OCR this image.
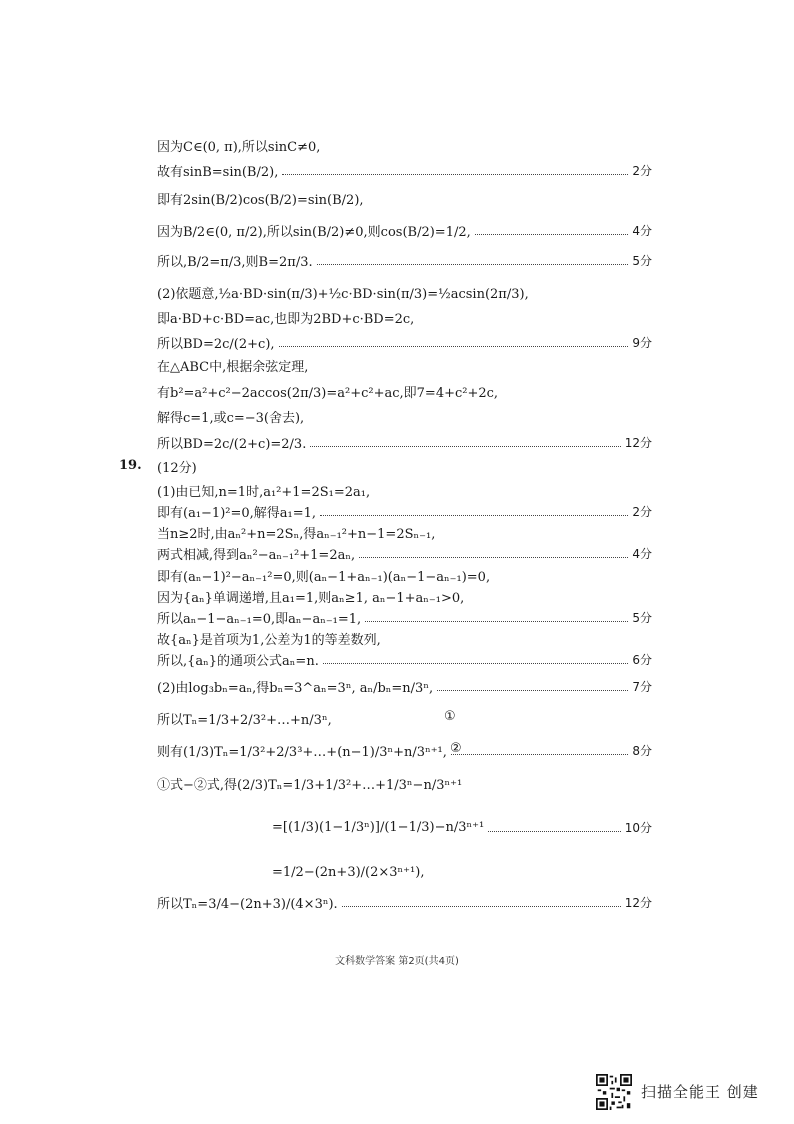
因为C∈(0, π),所以sinC≠0,
故有sinB=sin(B/2),	2分
即有2sin(B/2)cos(B/2)=sin(B/2),
因为B/2∈(0, π/2),所以sin(B/2)≠0,则cos(B/2)=1/2,	4分
所以,B/2=π/3,则B=2π/3.	5分
(2)依题意,½a·BD·sin(π/3)+½c·BD·sin(π/3)=½acsin(2π/3),
即a·BD+c·BD=ac,也即为2BD+c·BD=2c,
所以BD=2c/(2+c),	9分
在△ABC中,根据余弦定理,
有b²=a²+c²−2accos(2π/3)=a²+c²+ac,即7=4+c²+2c,
解得c=1,或c=−3(舍去),
所以BD=2c/(2+c)=2/3.	12分
19. (12分)
(1)由已知,n=1时,a₁²+1=2S₁=2a₁,
即有(a₁−1)²=0,解得a₁=1,	2分
当n≥2时,由aₙ²+n=2Sₙ,得aₙ₋₁²+n−1=2Sₙ₋₁,
两式相减,得到aₙ²−aₙ₋₁²+1=2aₙ,	4分
即有(aₙ−1)²−aₙ₋₁²=0,则(aₙ−1+aₙ₋₁)(aₙ−1−aₙ₋₁)=0,
因为{aₙ}单调递增,且a₁=1,则aₙ≥1, aₙ−1+aₙ₋₁>0,
所以aₙ−1−aₙ₋₁=0,即aₙ−aₙ₋₁=1,	5分
故{aₙ}是首项为1,公差为1的等差数列,
所以,{aₙ}的通项公式aₙ=n.	6分
(2)由log₃bₙ=aₙ,得bₙ=3^aₙ=3ⁿ, aₙ/bₙ=n/3ⁿ,	7分
所以Tₙ=1/3+2/3²+…+n/3ⁿ,	①
则有(1/3)Tₙ=1/3²+2/3³+…+(n−1)/3ⁿ+n/3ⁿ⁺¹,	8分
②
①式−②式,得(2/3)Tₙ=1/3+1/3²+…+1/3ⁿ−n/3ⁿ⁺¹
=[(1/3)(1−1/3ⁿ)]/(1−1/3)−n/3ⁿ⁺¹	10分
=1/2−(2n+3)/(2×3ⁿ⁺¹),
所以Tₙ=3/4−(2n+3)/(4×3ⁿ).	12分
文科数学答案 第2页(共4页)
扫描全能王 创建
